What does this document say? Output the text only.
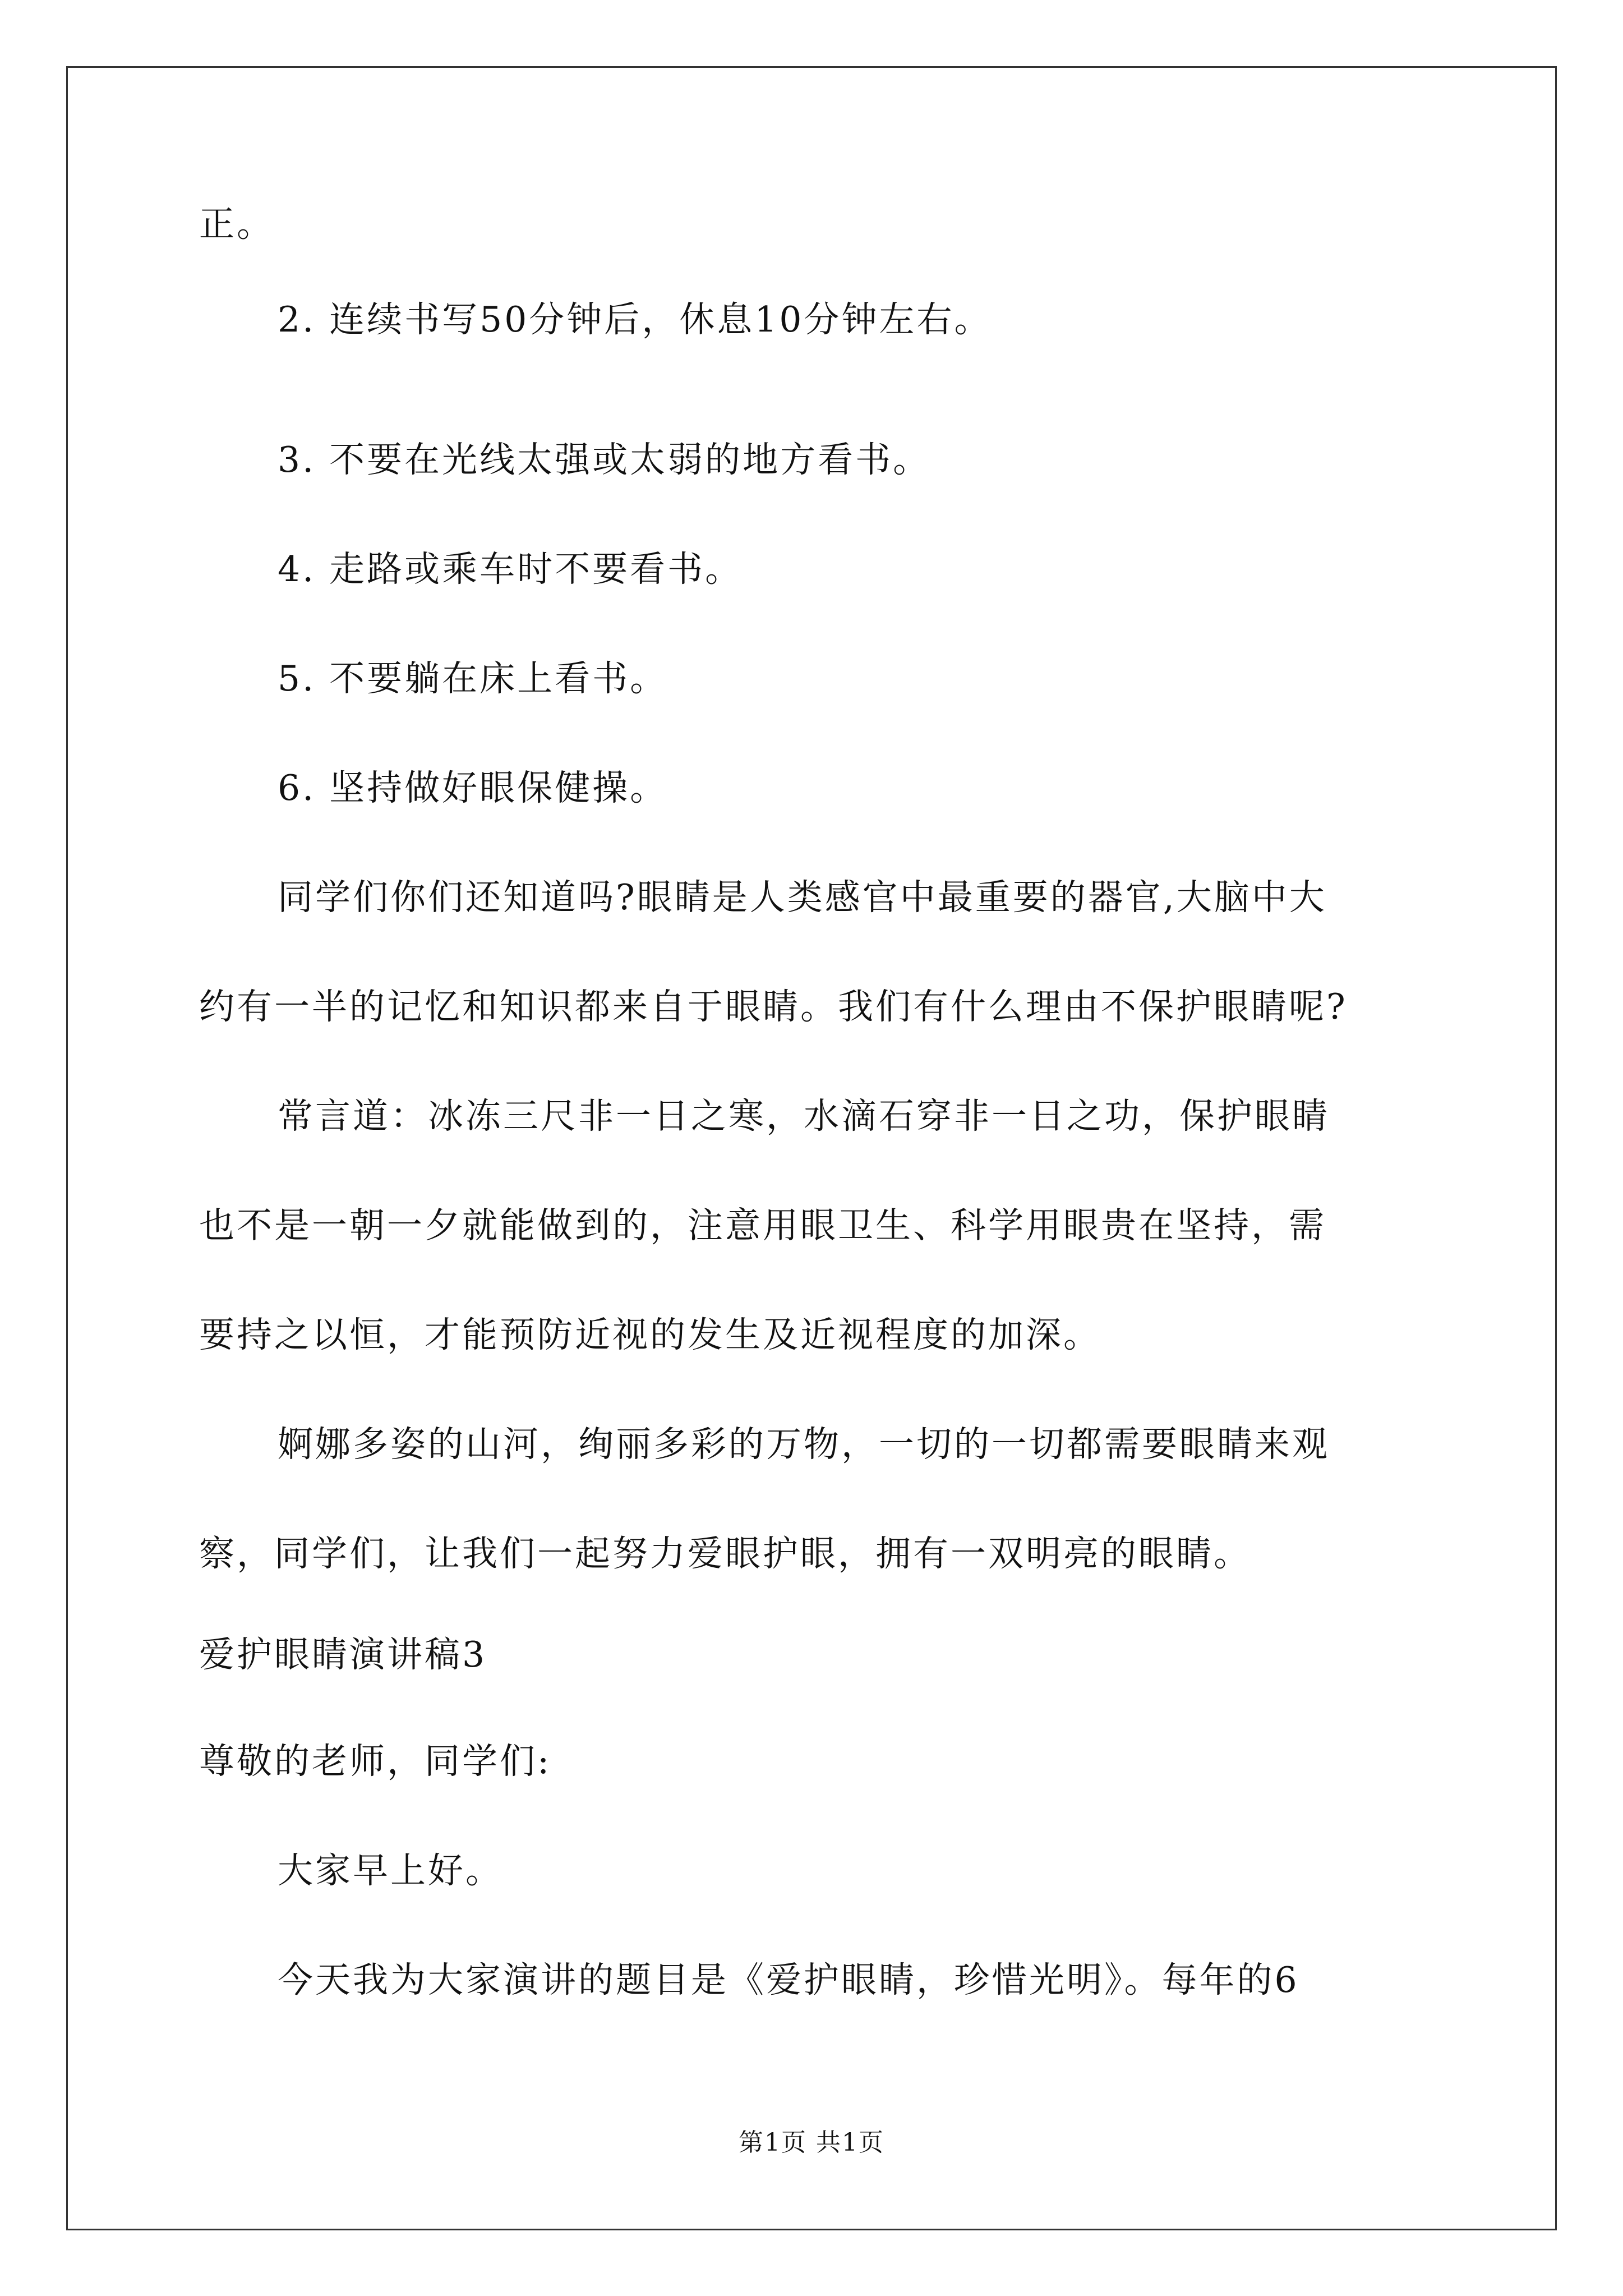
正。
2. 连续书写50分钟后，休息10分钟左右。
3. 不要在光线太强或太弱的地方看书。
4. 走路或乘车时不要看书。
5. 不要躺在床上看书。
6. 坚持做好眼保健操。
同学们你们还知道吗?眼睛是人类感官中最重要的器官,大脑中大
约有一半的记忆和知识都来自于眼睛。我们有什么理由不保护眼睛呢?
常言道：冰冻三尺非一日之寒，水滴石穿非一日之功，保护眼睛
也不是一朝一夕就能做到的，注意用眼卫生、科学用眼贵在坚持，需
要持之以恒，才能预防近视的发生及近视程度的加深。
婀娜多姿的山河，绚丽多彩的万物，一切的一切都需要眼睛来观
察，同学们，让我们一起努力爱眼护眼，拥有一双明亮的眼睛。
爱护眼睛演讲稿3
尊敬的老师，同学们:
大家早上好。
今天我为大家演讲的题目是《爱护眼睛，珍惜光明》。每年的6
第1页 共1页
